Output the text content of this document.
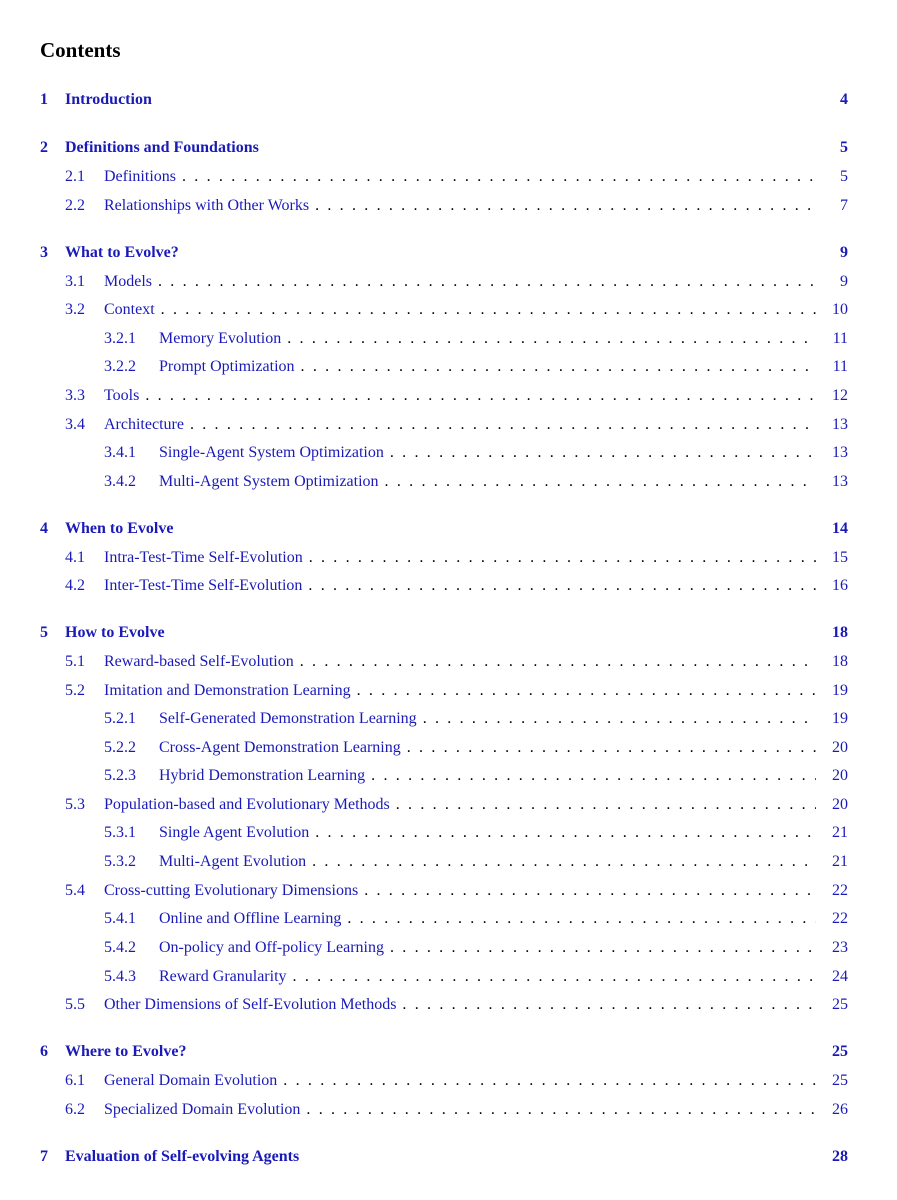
Contents
1	Introduction	4
2	Definitions and Foundations	5
2.1	Definitions . . .	5
2.2	Relationships with Other Works . . .	7
3	What to Evolve?	9
3.1	Models . . .	9
3.2	Context . . .	10
3.2.1	Memory Evolution . . .	11
3.2.2	Prompt Optimization . . .	11
3.3	Tools . . .	12
3.4	Architecture . . .	13
3.4.1	Single-Agent System Optimization . . .	13
3.4.2	Multi-Agent System Optimization . . .	13
4	When to Evolve	14
4.1	Intra-Test-Time Self-Evolution . . .	15
4.2	Inter-Test-Time Self-Evolution . . .	16
5	How to Evolve	18
5.1	Reward-based Self-Evolution . . .	18
5.2	Imitation and Demonstration Learning . . .	19
5.2.1	Self-Generated Demonstration Learning . . .	19
5.2.2	Cross-Agent Demonstration Learning . . .	20
5.2.3	Hybrid Demonstration Learning . . .	20
5.3	Population-based and Evolutionary Methods . . .	20
5.3.1	Single Agent Evolution . . .	21
5.3.2	Multi-Agent Evolution . . .	21
5.4	Cross-cutting Evolutionary Dimensions . . .	22
5.4.1	Online and Offline Learning . . .	22
5.4.2	On-policy and Off-policy Learning . . .	23
5.4.3	Reward Granularity . . .	24
5.5	Other Dimensions of Self-Evolution Methods . . .	25
6	Where to Evolve?	25
6.1	General Domain Evolution . . .	25
6.2	Specialized Domain Evolution . . .	26
7	Evaluation of Self-evolving Agents	28
